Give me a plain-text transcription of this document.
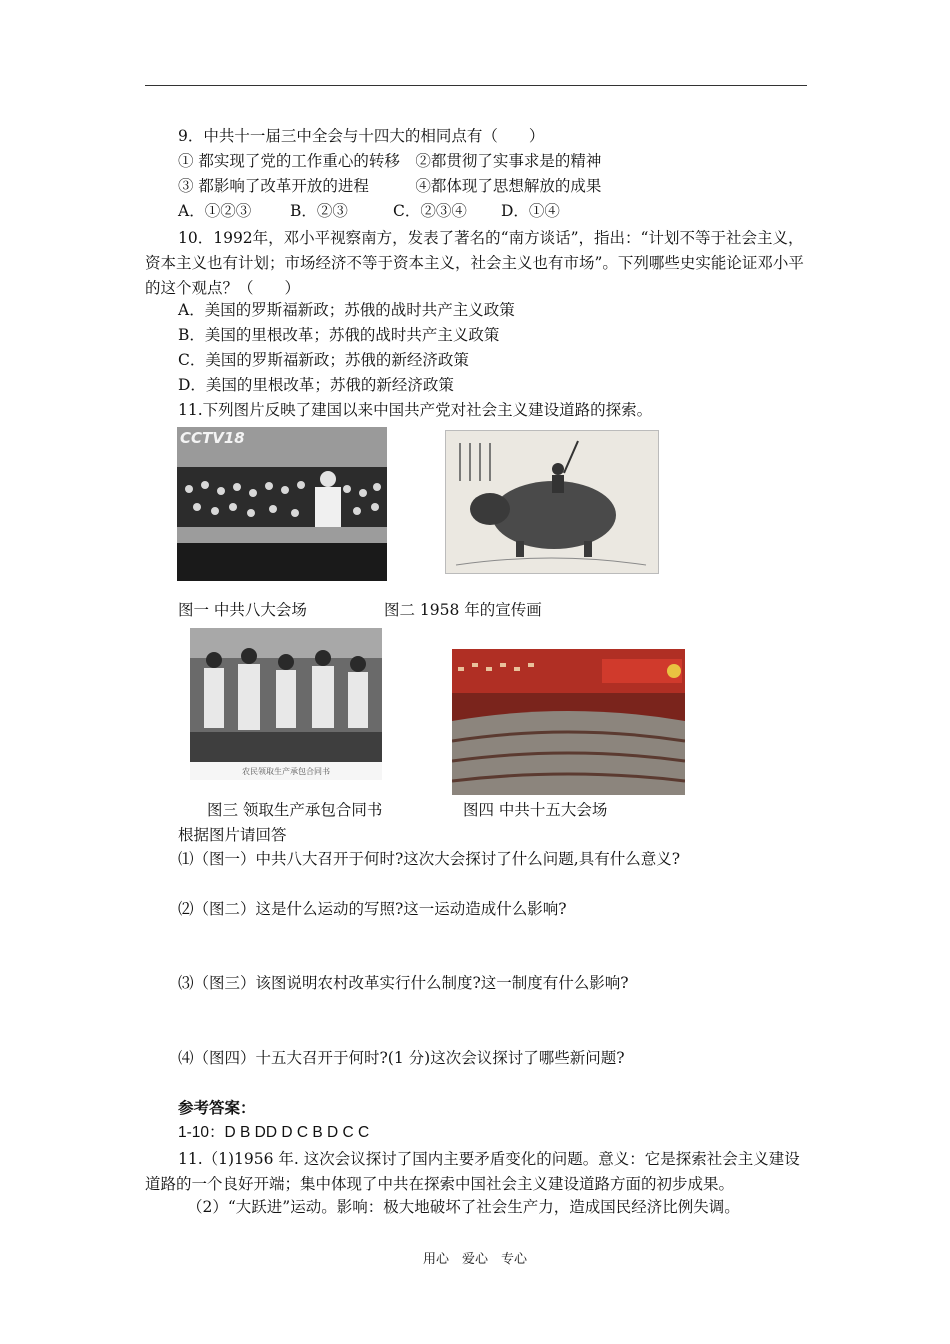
9．中共十一届三中全会与十四大的相同点有（　　）
① 都实现了党的工作重心的转移　②都贯彻了实事求是的精神
③ 都影响了改革开放的进程　　　④都体现了思想解放的成果
A．①②③	B．②③	C．②③④ D．①④
10．1992年，邓小平视察南方，发表了著名的“南方谈话”，指出：“计划不等于社会主义，资本主义也有计划；市场经济不等于资本主义，社会主义也有市场”。下列哪些史实能论证邓小平的这个观点？（　　）
A．美国的罗斯福新政；苏俄的战时共产主义政策
B．美国的里根改革；苏俄的战时共产主义政策
C．美国的罗斯福新政；苏俄的新经济政策
D．美国的里根改革；苏俄的新经济政策
11.下列图片反映了建国以来中国共产党对社会主义建设道路的探索。
CCTV18
图一 中共八大会场	图二 1958 年的宣传画
农民领取生产承包合同书
图三 领取生产承包合同书	图四 中共十五大会场
根据图片请回答
⑴（图一）中共八大召开于何时?这次大会探讨了什么问题,具有什么意义?
⑵（图二）这是什么运动的写照?这一运动造成什么影响?
⑶（图三）该图说明农村改革实行什么制度?这一制度有什么影响?
⑷（图四）十五大召开于何时?(1 分)这次会议探讨了哪些新问题?
参考答案：
1-10：D B DD D C B D C C
11.（1)1956 年. 这次会议探讨了国内主要矛盾变化的问题。意义：它是探索社会主义建设道路的一个良好开端；集中体现了中共在探索中国社会主义建设道路方面的初步成果。
（2）“大跃进”运动。影响：极大地破坏了社会生产力，造成国民经济比例失调。
用心　爱心　专心
